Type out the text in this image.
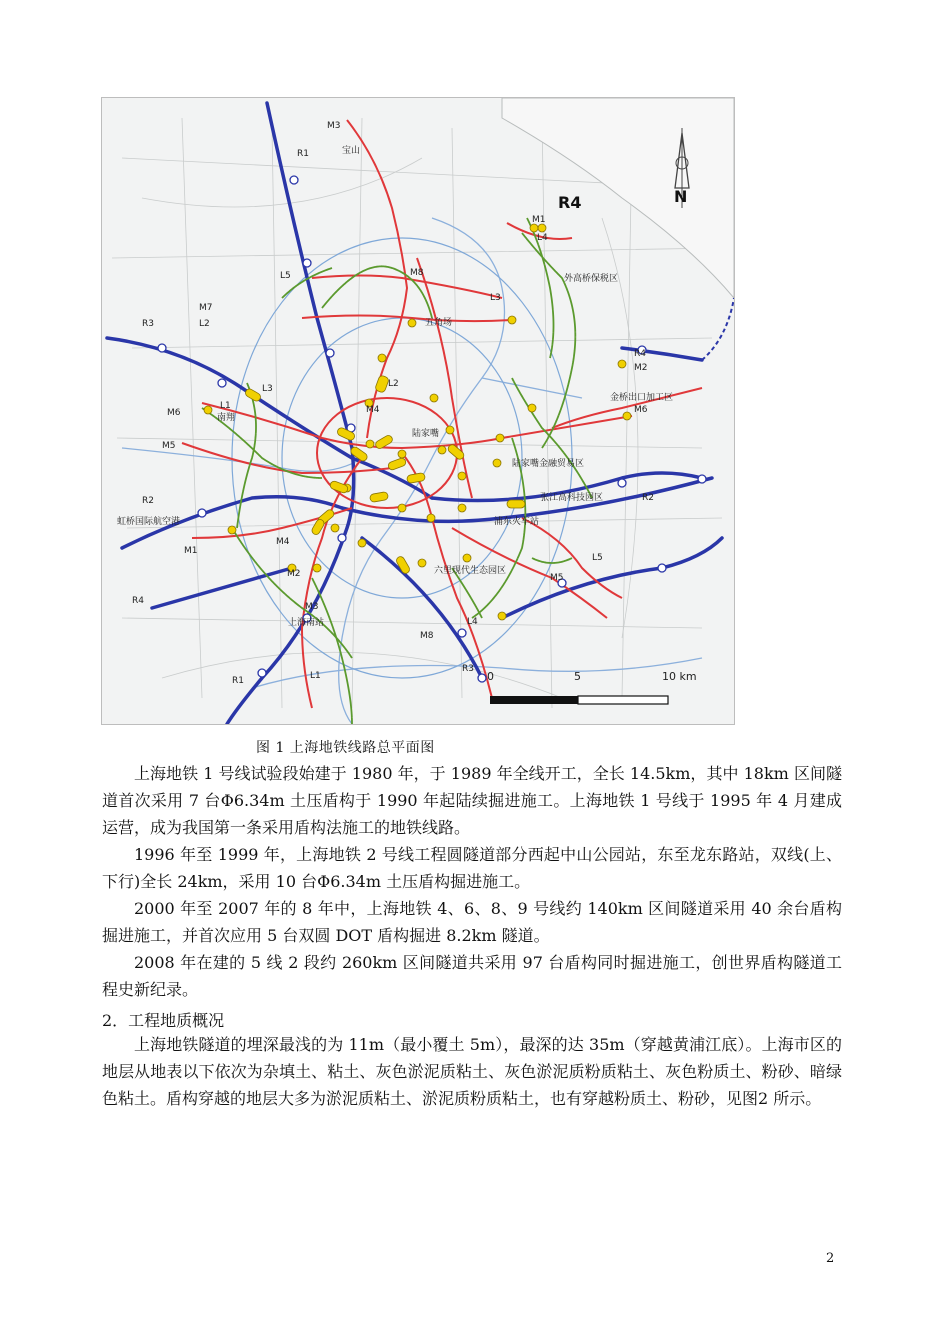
N
R4
M3
宝山
R1
M1
L4
外高桥保税区
L5	M8
L3
五角场
M7
L2
R3
R4
M2
L3	L2
金桥出口加工区
M6
M6
L1
南翔
M4
陆家嘴
陆家嘴金融贸易区
M5
R2
虹桥国际航空港
张江高科技园区	R2
浦东火车站
M1
M4
L5
M2	六里现代生态园区
M5
R4
M3
上海南站	L4
M8
R3
R1	L1	0	5	10 km
图 1 上海地铁线路总平面图

上海地铁 1 号线试验段始建于 1980 年，于 1989 年全线开工，全长 14.5km，其中 18km 区间隧道首次采用 7 台Φ6.34m 土压盾构于 1990 年起陆续掘进施工。上海地铁 1 号线于 1995 年 4 月建成运营，成为我国第一条采用盾构法施工的地铁线路。

1996 年至 1999 年，上海地铁 2 号线工程圆隧道部分西起中山公园站，东至龙东路站，双线(上、下行)全长 24km，采用 10 台Φ6.34m 土压盾构掘进施工。

2000 年至 2007 年的 8 年中，上海地铁 4、6、8、9 号线约 140km 区间隧道采用 40 余台盾构掘进施工，并首次应用 5 台双圆 DOT 盾构掘进 8.2km 隧道。

2008 年在建的 5 线 2 段约 260km 区间隧道共采用 97 台盾构同时掘进施工，创世界盾构隧道工程史新纪录。

2．工程地质概况

上海地铁隧道的埋深最浅的为 11m（最小覆土 5m），最深的达 35m（穿越黄浦江底）。上海市区的地层从地表以下依次为杂填土、粘土、灰色淤泥质粘土、灰色淤泥质粉质粘土、灰色粉质土、粉砂、暗绿色粘土。盾构穿越的地层大多为淤泥质粘土、淤泥质粉质粘土，也有穿越粉质土、粉砂，见图2 所示。

2
